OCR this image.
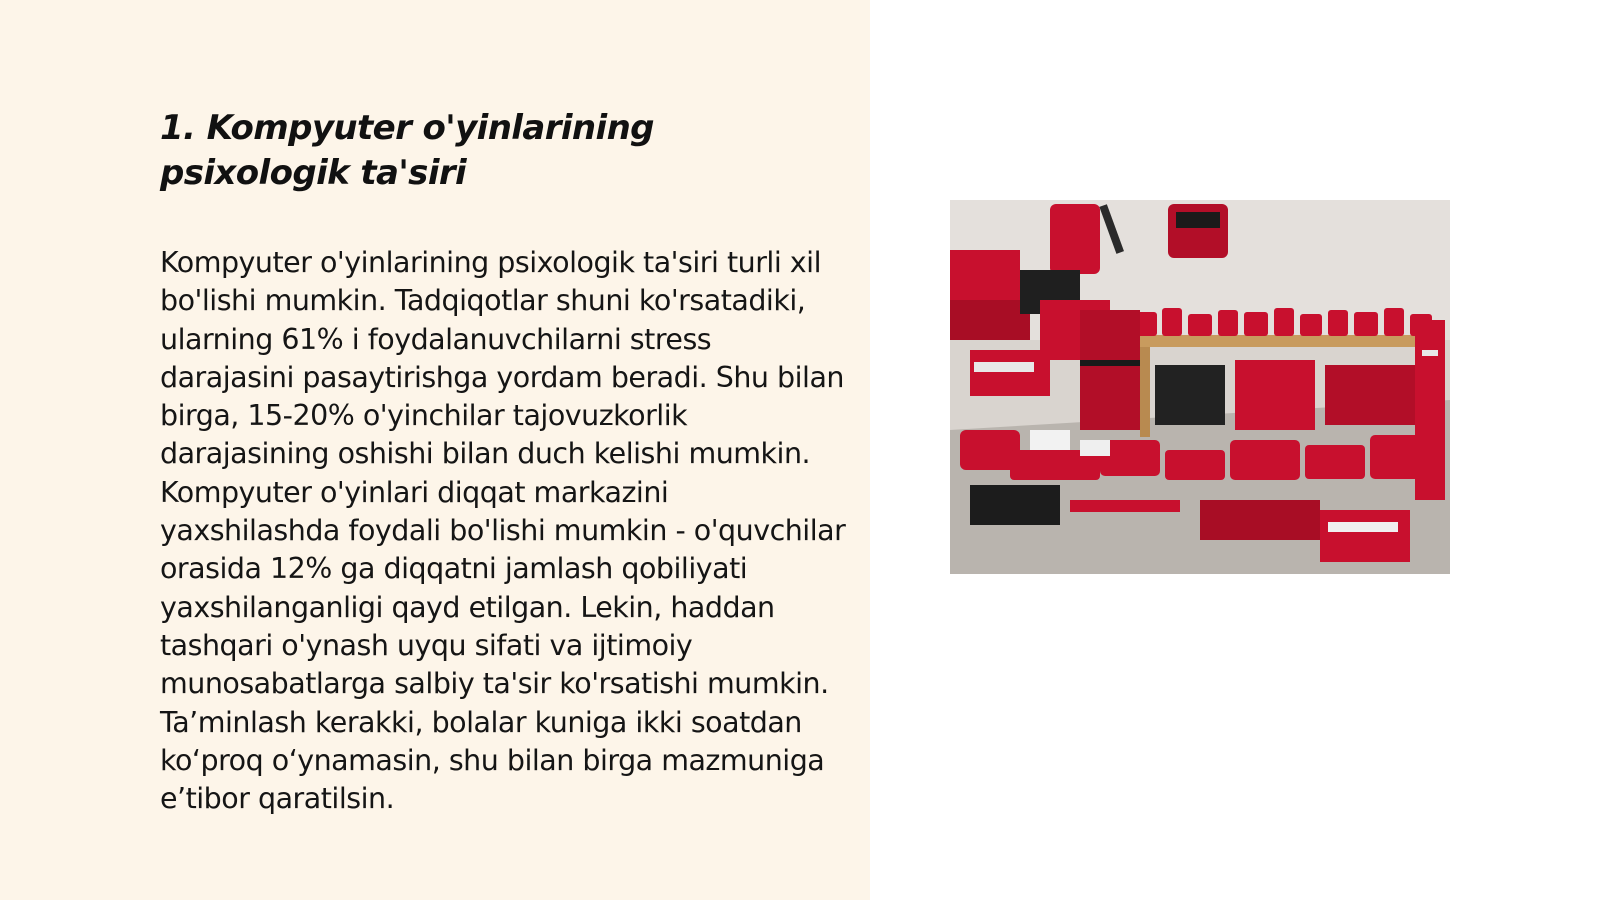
1. Kompyuter o'yinlarining psixologik ta'siri

Kompyuter o'yinlarining psixologik ta'siri turli xil bo'lishi mumkin. Tadqiqotlar shuni ko'rsatadiki, ularning 61% i foydalanuvchilarni stress darajasini pasaytirishga yordam beradi. Shu bilan birga, 15-20% o'yinchilar tajovuzkorlik darajasining oshishi bilan duch kelishi mumkin. Kompyuter o'yinlari diqqat markazini yaxshilashda foydali bo'lishi mumkin - o'quvchilar orasida 12% ga diqqatni jamlash qobiliyati yaxshilanganligi qayd etilgan. Lekin, haddan tashqari o'ynash uyqu sifati va ijtimoiy munosabatlarga salbiy ta'sir ko'rsatishi mumkin. Ta’minlash kerakki, bolalar kuniga ikki soatdan ko‘proq o‘ynamasin, shu bilan birga mazmuniga e’tibor qaratilsin.
